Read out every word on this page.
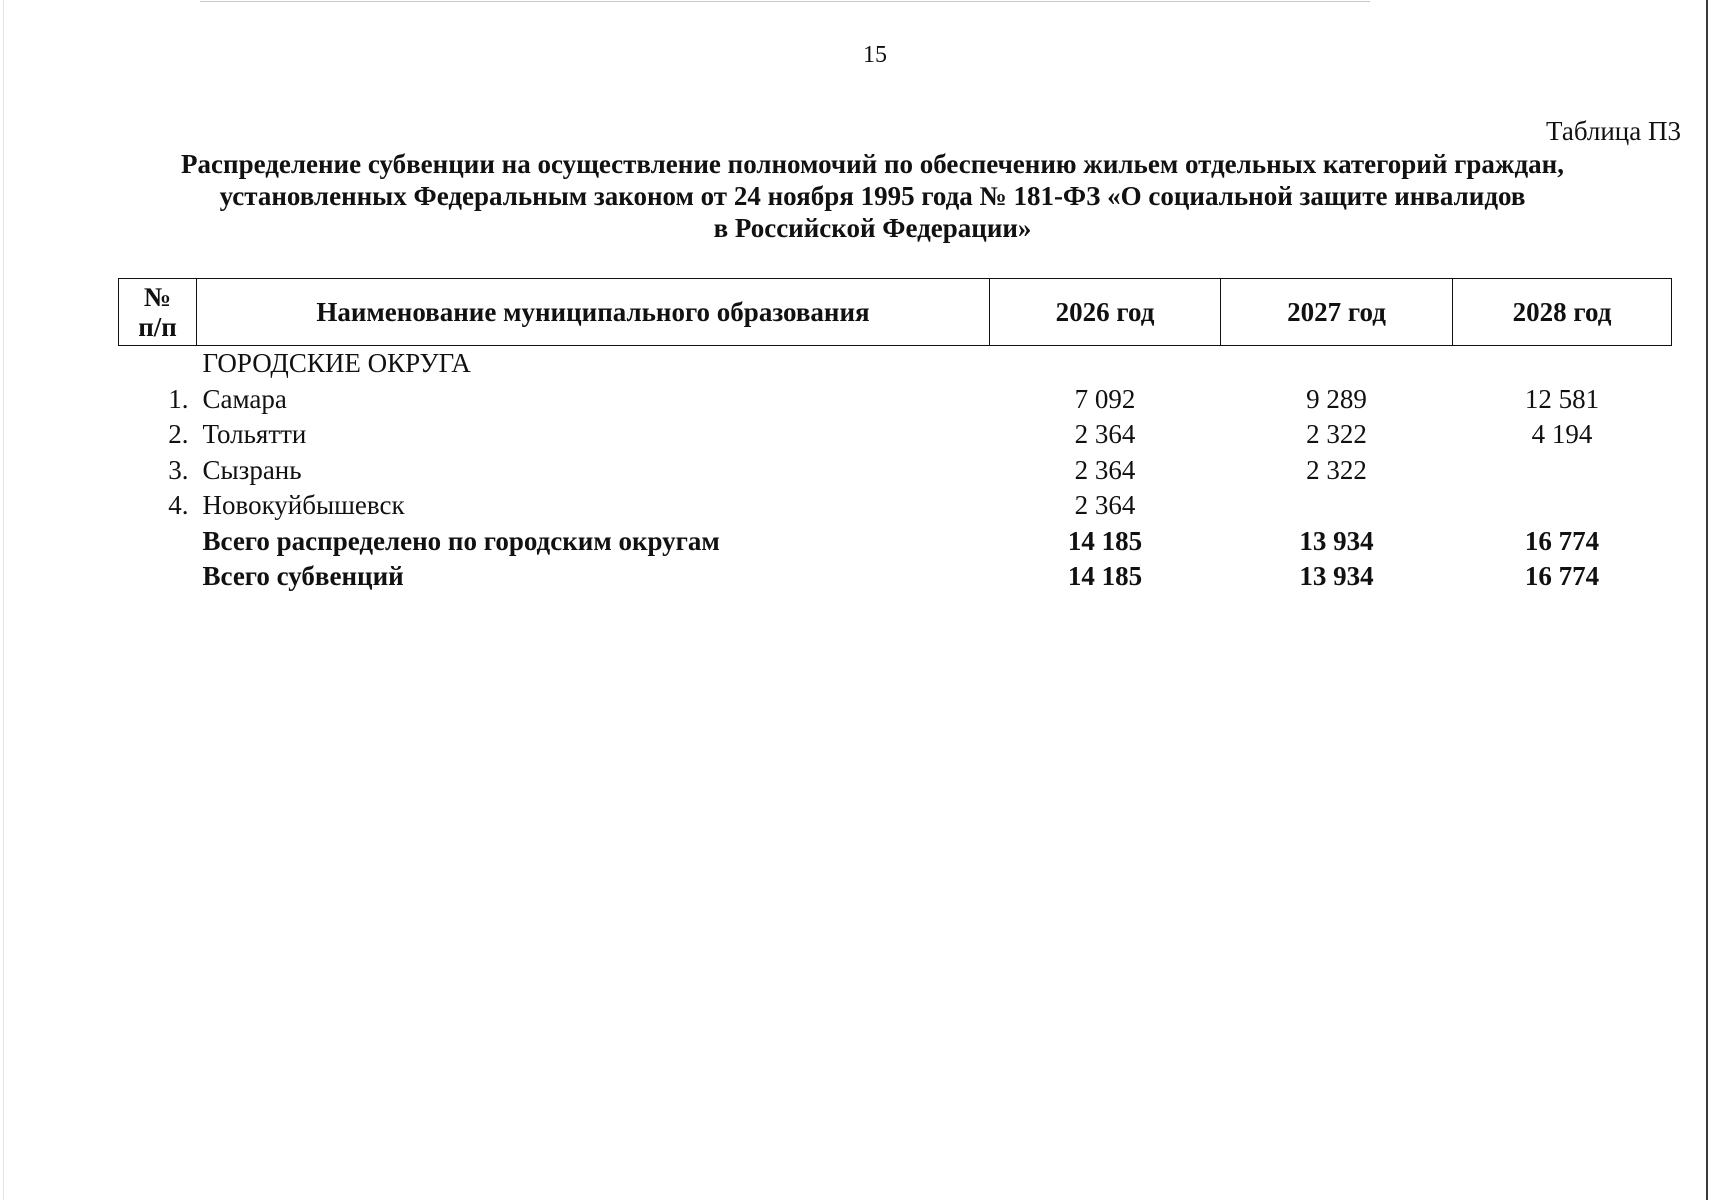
15
Таблица П3
Распределение субвенции на осуществление полномочий по обеспечению жильем отдельных категорий граждан,
установленных Федеральным законом от 24 ноября 1995 года № 181-ФЗ «О социальной защите инвалидов
в Российской Федерации»
№
п/п	Наименование муниципального образования	2026 год	2027 год	2028 год
	ГОРОДСКИЕ ОКРУГА			
1.	Самара	7 092	9 289	12 581
2.	Тольятти	2 364	2 322	4 194
3.	Сызрань	2 364	2 322	
4.	Новокуйбышевск	2 364		
	Всего распределено по городским округам	14 185	13 934	16 774
	Всего субвенций	14 185	13 934	16 774
